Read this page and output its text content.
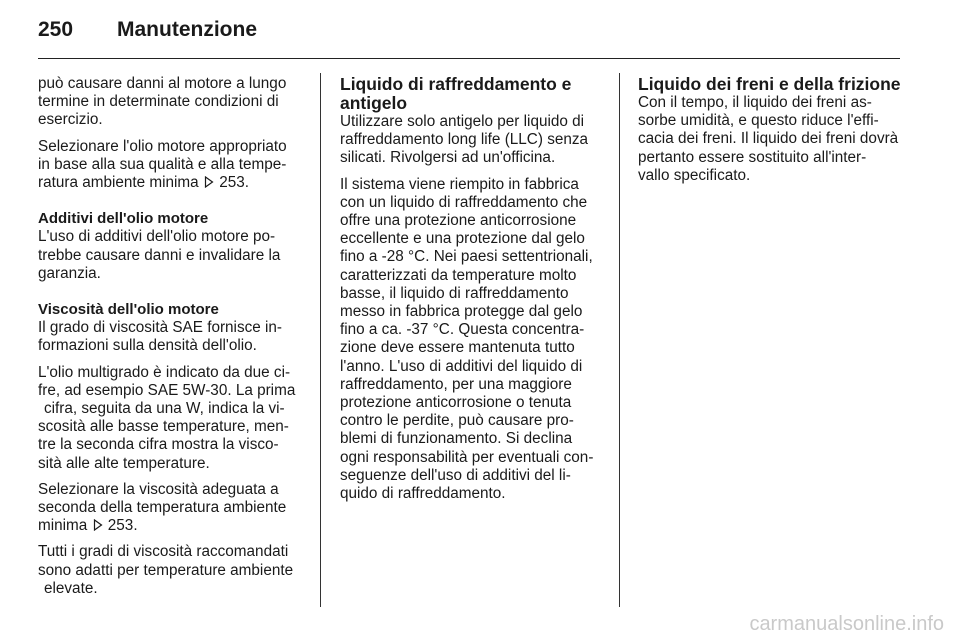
250 Manutenzione

può causare danni al motore a lungo
termine in determinate condizioni di
esercizio.

Selezionare l'olio motore appropriato
in base alla sua qualità e alla tempe-
ratura ambiente minima 253.

Additivi dell'olio motore

L'uso di additivi dell'olio motore po-
trebbe causare danni e invalidare la
garanzia.

Viscosità dell'olio motore

Il grado di viscosità SAE fornisce in-
formazioni sulla densità dell'olio.

L'olio multigrado è indicato da due ci-
fre, ad esempio SAE 5W-30. La prima
cifra, seguita da una W, indica la vi-
scosità alle basse temperature, men-
tre la seconda cifra mostra la visco-
sità alle alte temperature.

Selezionare la viscosità adeguata a
seconda della temperatura ambiente
minima 253.

Tutti i gradi di viscosità raccomandati
sono adatti per temperature ambiente
elevate.

Liquido di raffreddamento e
antigelo

Utilizzare solo antigelo per liquido di
raffreddamento long life (LLC) senza
silicati. Rivolgersi ad un'officina.

Il sistema viene riempito in fabbrica
con un liquido di raffreddamento che
offre una protezione anticorrosione
eccellente e una protezione dal gelo
fino a -28 °C. Nei paesi settentrionali,
caratterizzati da temperature molto
basse, il liquido di raffreddamento
messo in fabbrica protegge dal gelo
fino a ca. -37 °C. Questa concentra-
zione deve essere mantenuta tutto
l'anno. L'uso di additivi del liquido di
raffreddamento, per una maggiore
protezione anticorrosione o tenuta
contro le perdite, può causare pro-
blemi di funzionamento. Si declina
ogni responsabilità per eventuali con-
seguenze dell'uso di additivi del li-
quido di raffreddamento.

Liquido dei freni e della frizione

Con il tempo, il liquido dei freni as-
sorbe umidità, e questo riduce l'effi-
cacia dei freni. Il liquido dei freni dovrà
pertanto essere sostituito all'inter-
vallo specificato.

carmanualsonline.info
